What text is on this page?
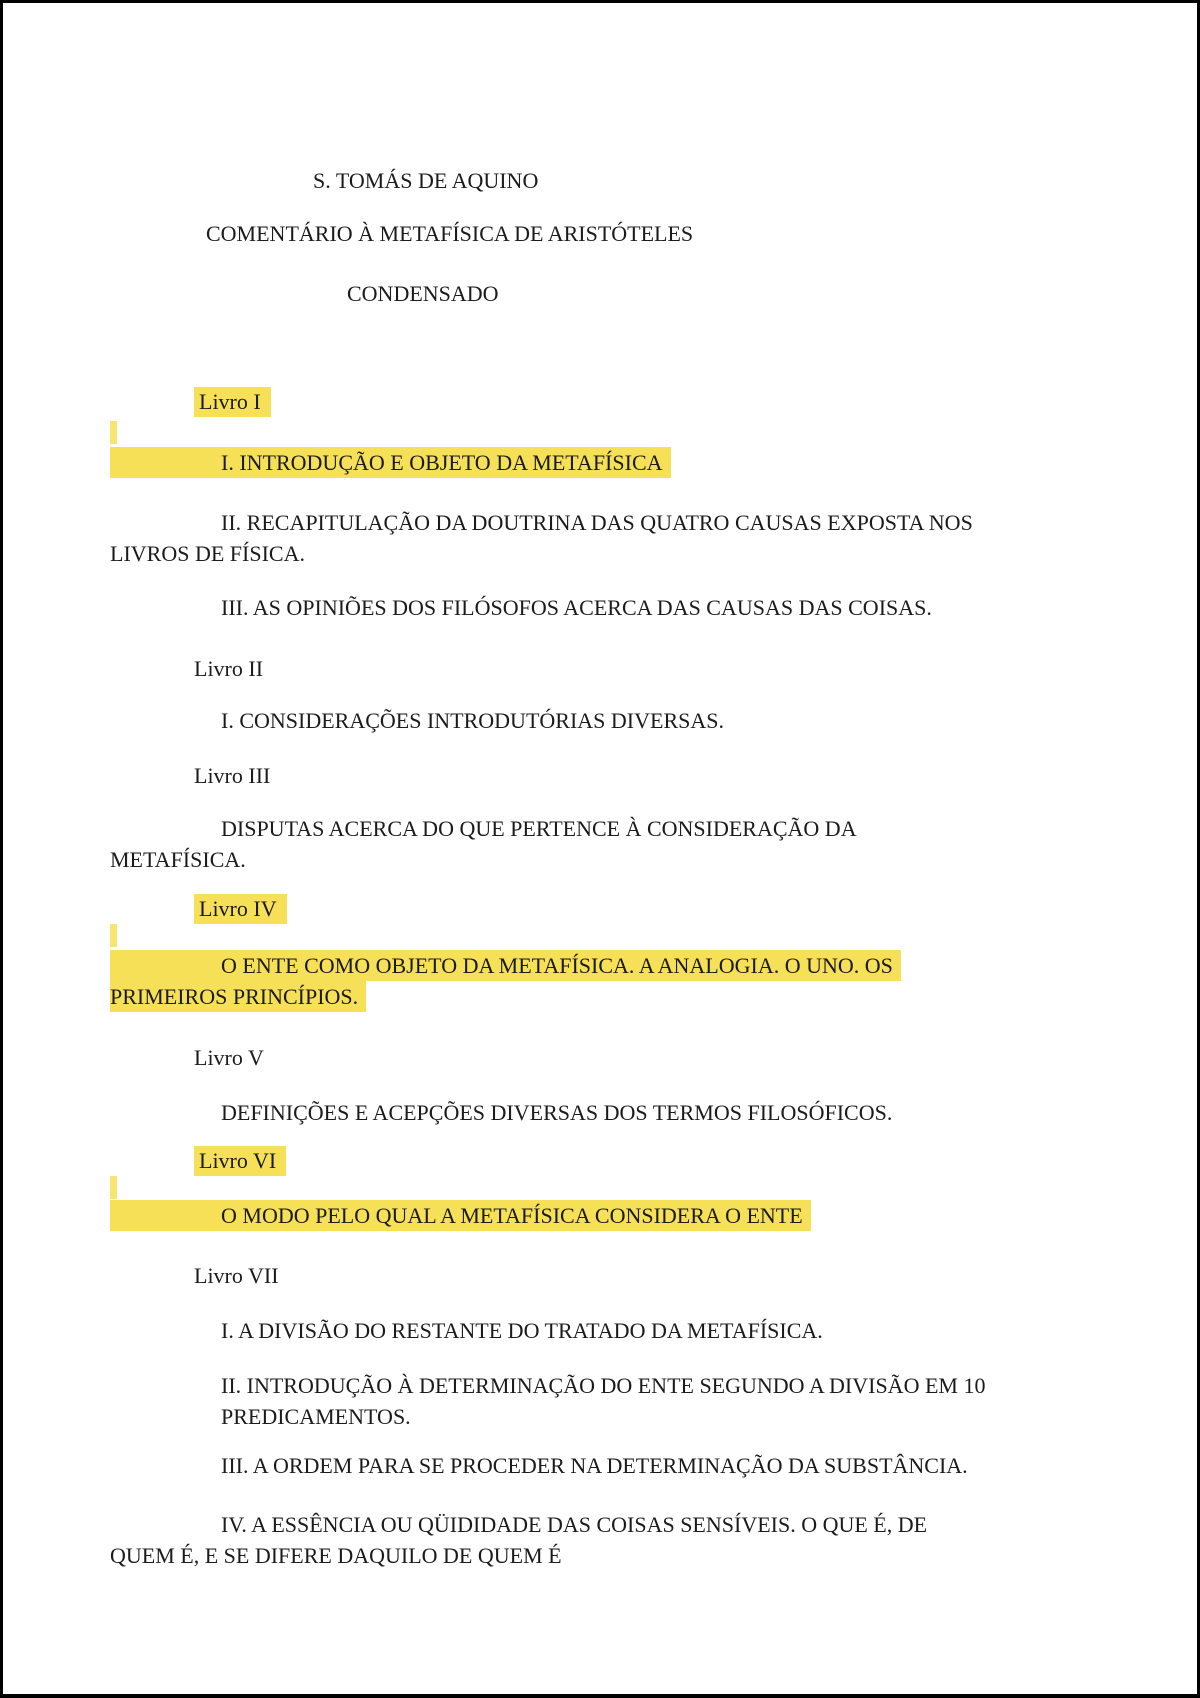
S. TOMÁS DE AQUINO
COMENTÁRIO À METAFÍSICA DE ARISTÓTELES
CONDENSADO
Livro I
I. INTRODUÇÃO E OBJETO DA METAFÍSICA
II. RECAPITULAÇÃO DA DOUTRINA DAS QUATRO CAUSAS EXPOSTA NOS
LIVROS DE FÍSICA.
III. AS OPINIÕES DOS FILÓSOFOS ACERCA DAS CAUSAS DAS COISAS.
Livro II
I. CONSIDERAÇÕES INTRODUTÓRIAS DIVERSAS.
Livro III
DISPUTAS ACERCA DO QUE PERTENCE À CONSIDERAÇÃO DA
METAFÍSICA.
Livro IV
O ENTE COMO OBJETO DA METAFÍSICA. A ANALOGIA. O UNO. OS
PRIMEIROS PRINCÍPIOS.
Livro V
DEFINIÇÕES E ACEPÇÕES DIVERSAS DOS TERMOS FILOSÓFICOS.
Livro VI
O MODO PELO QUAL A METAFÍSICA CONSIDERA O ENTE
Livro VII
I. A DIVISÃO DO RESTANTE DO TRATADO DA METAFÍSICA.
II. INTRODUÇÃO À DETERMINAÇÃO DO ENTE SEGUNDO A DIVISÃO EM 10
PREDICAMENTOS.
III. A ORDEM PARA SE PROCEDER NA DETERMINAÇÃO DA SUBSTÂNCIA.
IV. A ESSÊNCIA OU QÜIDIDADE DAS COISAS SENSÍVEIS. O QUE É, DE
QUEM É, E SE DIFERE DAQUILO DE QUEM É
